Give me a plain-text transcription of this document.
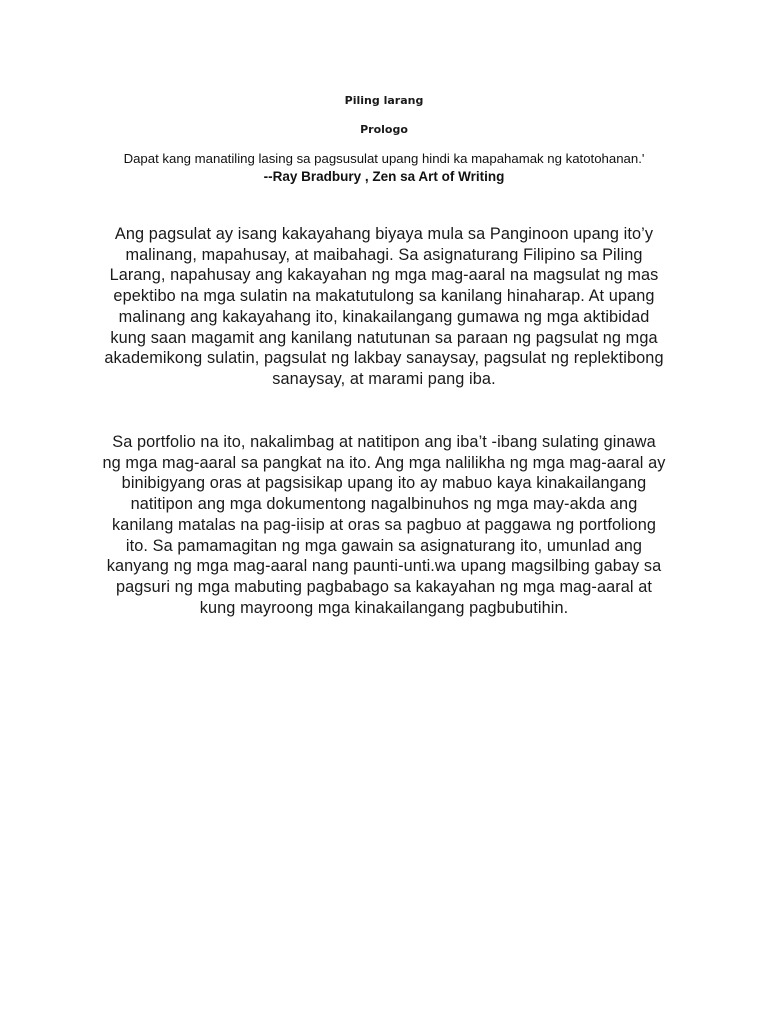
Piling larang
Prologo
Dapat kang manatiling lasing sa pagsusulat upang hindi ka mapahamak ng katotohanan.'
--Ray Bradbury , Zen sa Art of Writing
Ang pagsulat ay isang kakayahang biyaya mula sa Panginoon upang ito’y
malinang, mapahusay, at maibahagi. Sa asignaturang Filipino sa Piling
Larang, napahusay ang kakayahan ng mga mag-aaral na magsulat ng mas
epektibo na mga sulatin na makatutulong sa kanilang hinaharap. At upang
malinang ang kakayahang ito, kinakailangang gumawa ng mga aktibidad
kung saan magamit ang kanilang natutunan sa paraan ng pagsulat ng mga
akademikong sulatin, pagsulat ng lakbay sanaysay, pagsulat ng replektibong
sanaysay, at marami pang iba.
Sa portfolio na ito, nakalimbag at natitipon ang iba’t -ibang sulating ginawa
ng mga mag-aaral sa pangkat na ito. Ang mga nalilikha ng mga mag-aaral ay
binibigyang oras at pagsisikap upang ito ay mabuo kaya kinakailangang
natitipon ang mga dokumentong nagalbinuhos ng mga may-akda ang
kanilang matalas na pag-iisip at oras sa pagbuo at paggawa ng portfoliong
ito. Sa pamamagitan ng mga gawain sa asignaturang ito, umunlad ang
kanyang ng mga mag-aaral nang paunti-unti.wa upang magsilbing gabay sa
pagsuri ng mga mabuting pagbabago sa kakayahan ng mga mag-aaral at
kung mayroong mga kinakailangang pagbubutihin.
